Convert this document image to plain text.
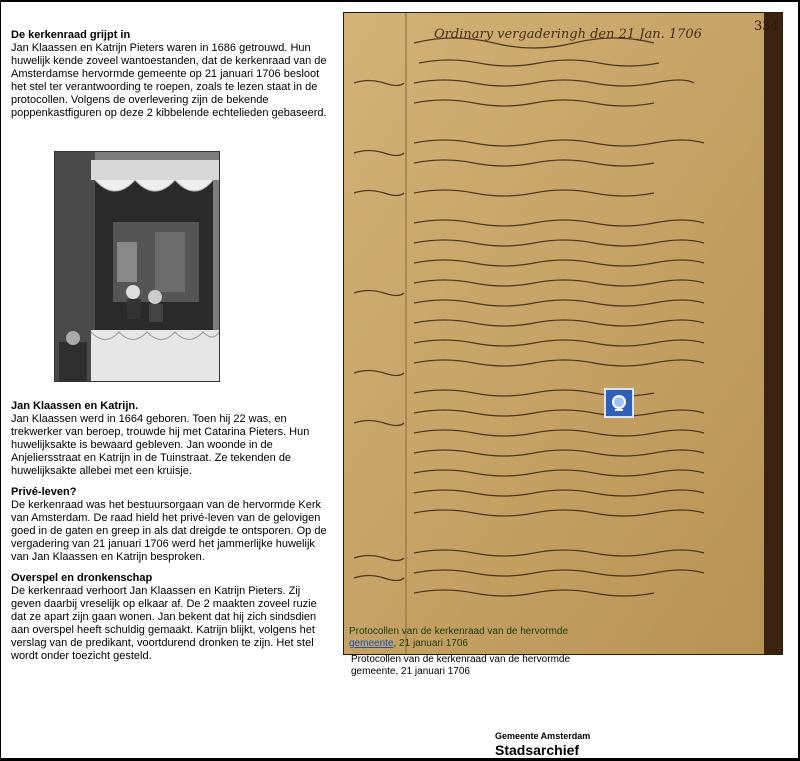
De kerkenraad grijpt in

Jan Klaassen en Katrijn Pieters waren in 1686 getrouwd. Hun huwelijk kende zoveel wantoestanden, dat de kerkenraad van de Amsterdamse hervormde gemeente op 21 januari 1706 besloot het stel ter verantwoording te roepen, zoals te lezen staat in de protocollen. Volgens de overlevering zijn de bekende poppenkastfiguren op deze 2 kibbelende echtelieden gebaseerd.

Jan Klaassen en Katrijn.

Jan Klaassen werd in 1664 geboren. Toen hij 22 was, en trekwerker van beroep, trouwde hij met Catarina Pieters. Hun huwelijksakte is bewaard gebleven. Jan woonde in de Anjeliersstraat en Katrijn in de Tuinstraat. Ze tekenden de huwelijksakte allebei met een kruisje.

Privé-leven?

De kerkenraad was het bestuursorgaan van de hervormde Kerk van Amsterdam. De raad hield het privé-leven van de gelovigen goed in de gaten en greep in als dat dreigde te ontsporen. Op de vergadering van 21 januari 1706 werd het jammerlijke huwelijk van Jan Klaassen en Katrijn besproken.

Overspel en dronkenschap

De kerkenraad verhoort Jan Klaassen en Katrijn Pieters. Zij geven daarbij vreselijk op elkaar af. De 2 maakten zoveel ruzie dat ze apart zijn gaan wonen. Jan bekent dat hij zich sindsdien aan overspel heeft schuldig gemaakt. Katrijn blijkt, volgens het verslag van de predikant, voortdurend dronken te zijn. Het stel wordt onder toezicht gesteld.

334
Ordinary vergaderingh den 21 Jan. 1706
Protocollen van de kerkenraad van de hervormde
gemeente, 21 januari 1706
Protocollen van de kerkenraad van de hervormde
gemeente, 21 januari 1706
Gemeente Amsterdam
Stadsarchief
